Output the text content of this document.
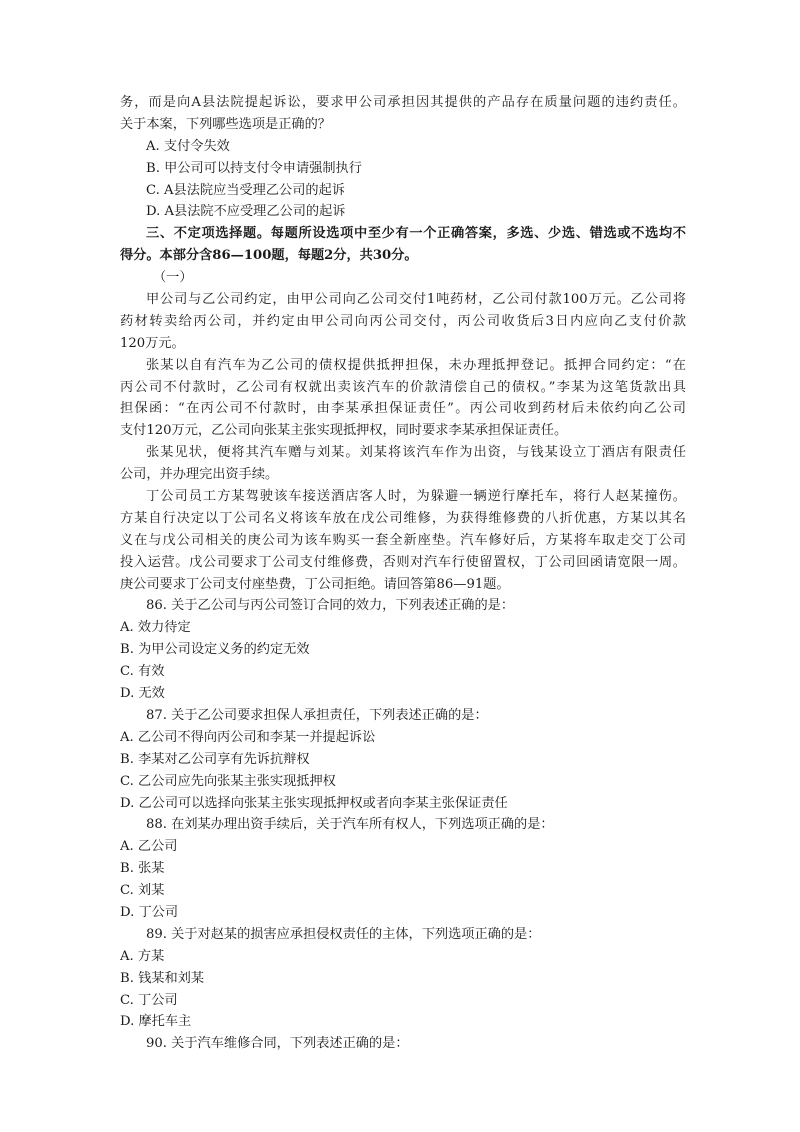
务，而是向A县法院提起诉讼，要求甲公司承担因其提供的产品存在质量问题的违约责任。
关于本案，下列哪些选项是正确的？
A. 支付令失效
B. 甲公司可以持支付令申请强制执行
C. A县法院应当受理乙公司的起诉
D. A县法院不应受理乙公司的起诉
三、不定项选择题。每题所设选项中至少有一个正确答案，多选、少选、错选或不选均不
得分。本部分含86—100题，每题2分，共30分。
（一）
甲公司与乙公司约定，由甲公司向乙公司交付1吨药材，乙公司付款100万元。乙公司将
药材转卖给丙公司，并约定由甲公司向丙公司交付，丙公司收货后3日内应向乙支付价款
120万元。
张某以自有汽车为乙公司的债权提供抵押担保，未办理抵押登记。抵押合同约定：“在
丙公司不付款时，乙公司有权就出卖该汽车的价款清偿自己的债权。”李某为这笔货款出具
担保函：“在丙公司不付款时，由李某承担保证责任”。丙公司收到药材后未依约向乙公司
支付120万元，乙公司向张某主张实现抵押权，同时要求李某承担保证责任。
张某见状，便将其汽车赠与刘某。刘某将该汽车作为出资，与钱某设立丁酒店有限责任
公司，并办理完出资手续。
丁公司员工方某驾驶该车接送酒店客人时，为躲避一辆逆行摩托车，将行人赵某撞伤。
方某自行决定以丁公司名义将该车放在戊公司维修，为获得维修费的八折优惠，方某以其名
义在与戊公司相关的庚公司为该车购买一套全新座垫。汽车修好后，方某将车取走交丁公司
投入运营。戊公司要求丁公司支付维修费，否则对汽车行使留置权，丁公司回函请宽限一周。
庚公司要求丁公司支付座垫费，丁公司拒绝。请回答第86—91题。
86. 关于乙公司与丙公司签订合同的效力，下列表述正确的是：
A. 效力待定
B. 为甲公司设定义务的约定无效
C. 有效
D. 无效
87. 关于乙公司要求担保人承担责任，下列表述正确的是：
A. 乙公司不得向丙公司和李某一并提起诉讼
B. 李某对乙公司享有先诉抗辩权
C. 乙公司应先向张某主张实现抵押权
D. 乙公司可以选择向张某主张实现抵押权或者向李某主张保证责任
88. 在刘某办理出资手续后，关于汽车所有权人，下列选项正确的是：
A. 乙公司
B. 张某
C. 刘某
D. 丁公司
89. 关于对赵某的损害应承担侵权责任的主体，下列选项正确的是：
A. 方某
B. 钱某和刘某
C. 丁公司
D. 摩托车主
90. 关于汽车维修合同，下列表述正确的是：
